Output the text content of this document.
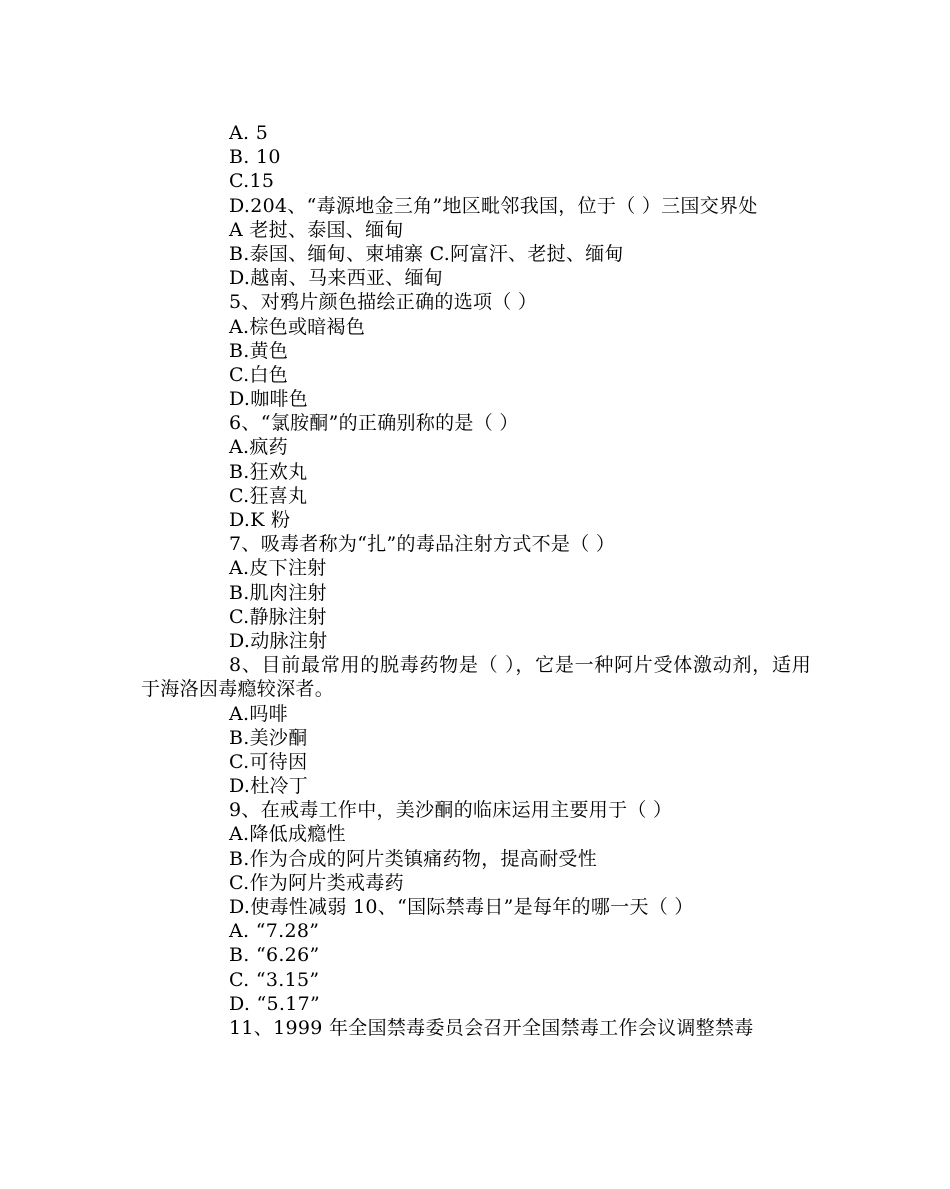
A. 5

B. 10

C.15

D.204、“毒源地金三角”地区毗邻我国，位于（ ）三国交界处

A 老挝、泰国、缅甸

B.泰国、缅甸、柬埔寨 C.阿富汗、老挝、缅甸

D.越南、马来西亚、缅甸

5、对鸦片颜色描绘正确的选项（ ）

A.棕色或暗褐色

B.黄色

C.白色

D.咖啡色

6、“氯胺酮”的正确别称的是（ ）

A.疯药

B.狂欢丸

C.狂喜丸

D.K 粉

7、吸毒者称为“扎”的毒品注射方式不是（ ）

A.皮下注射

B.肌肉注射

C.静脉注射

D.动脉注射

8、目前最常用的脱毒药物是（ ），它是一种阿片受体激动剂，适用于海洛因毒瘾较深者。

A.吗啡

B.美沙酮

C.可待因

D.杜冷丁

9、在戒毒工作中，美沙酮的临床运用主要用于（ ）

A.降低成瘾性

B.作为合成的阿片类镇痛药物，提高耐受性

C.作为阿片类戒毒药

D.使毒性减弱 10、“国际禁毒日”是每年的哪一天（ ）

A. “7.28”

B. “6.26”

C. “3.15”

D. “5.17”

11、1999 年全国禁毒委员会召开全国禁毒工作会议调整禁毒
